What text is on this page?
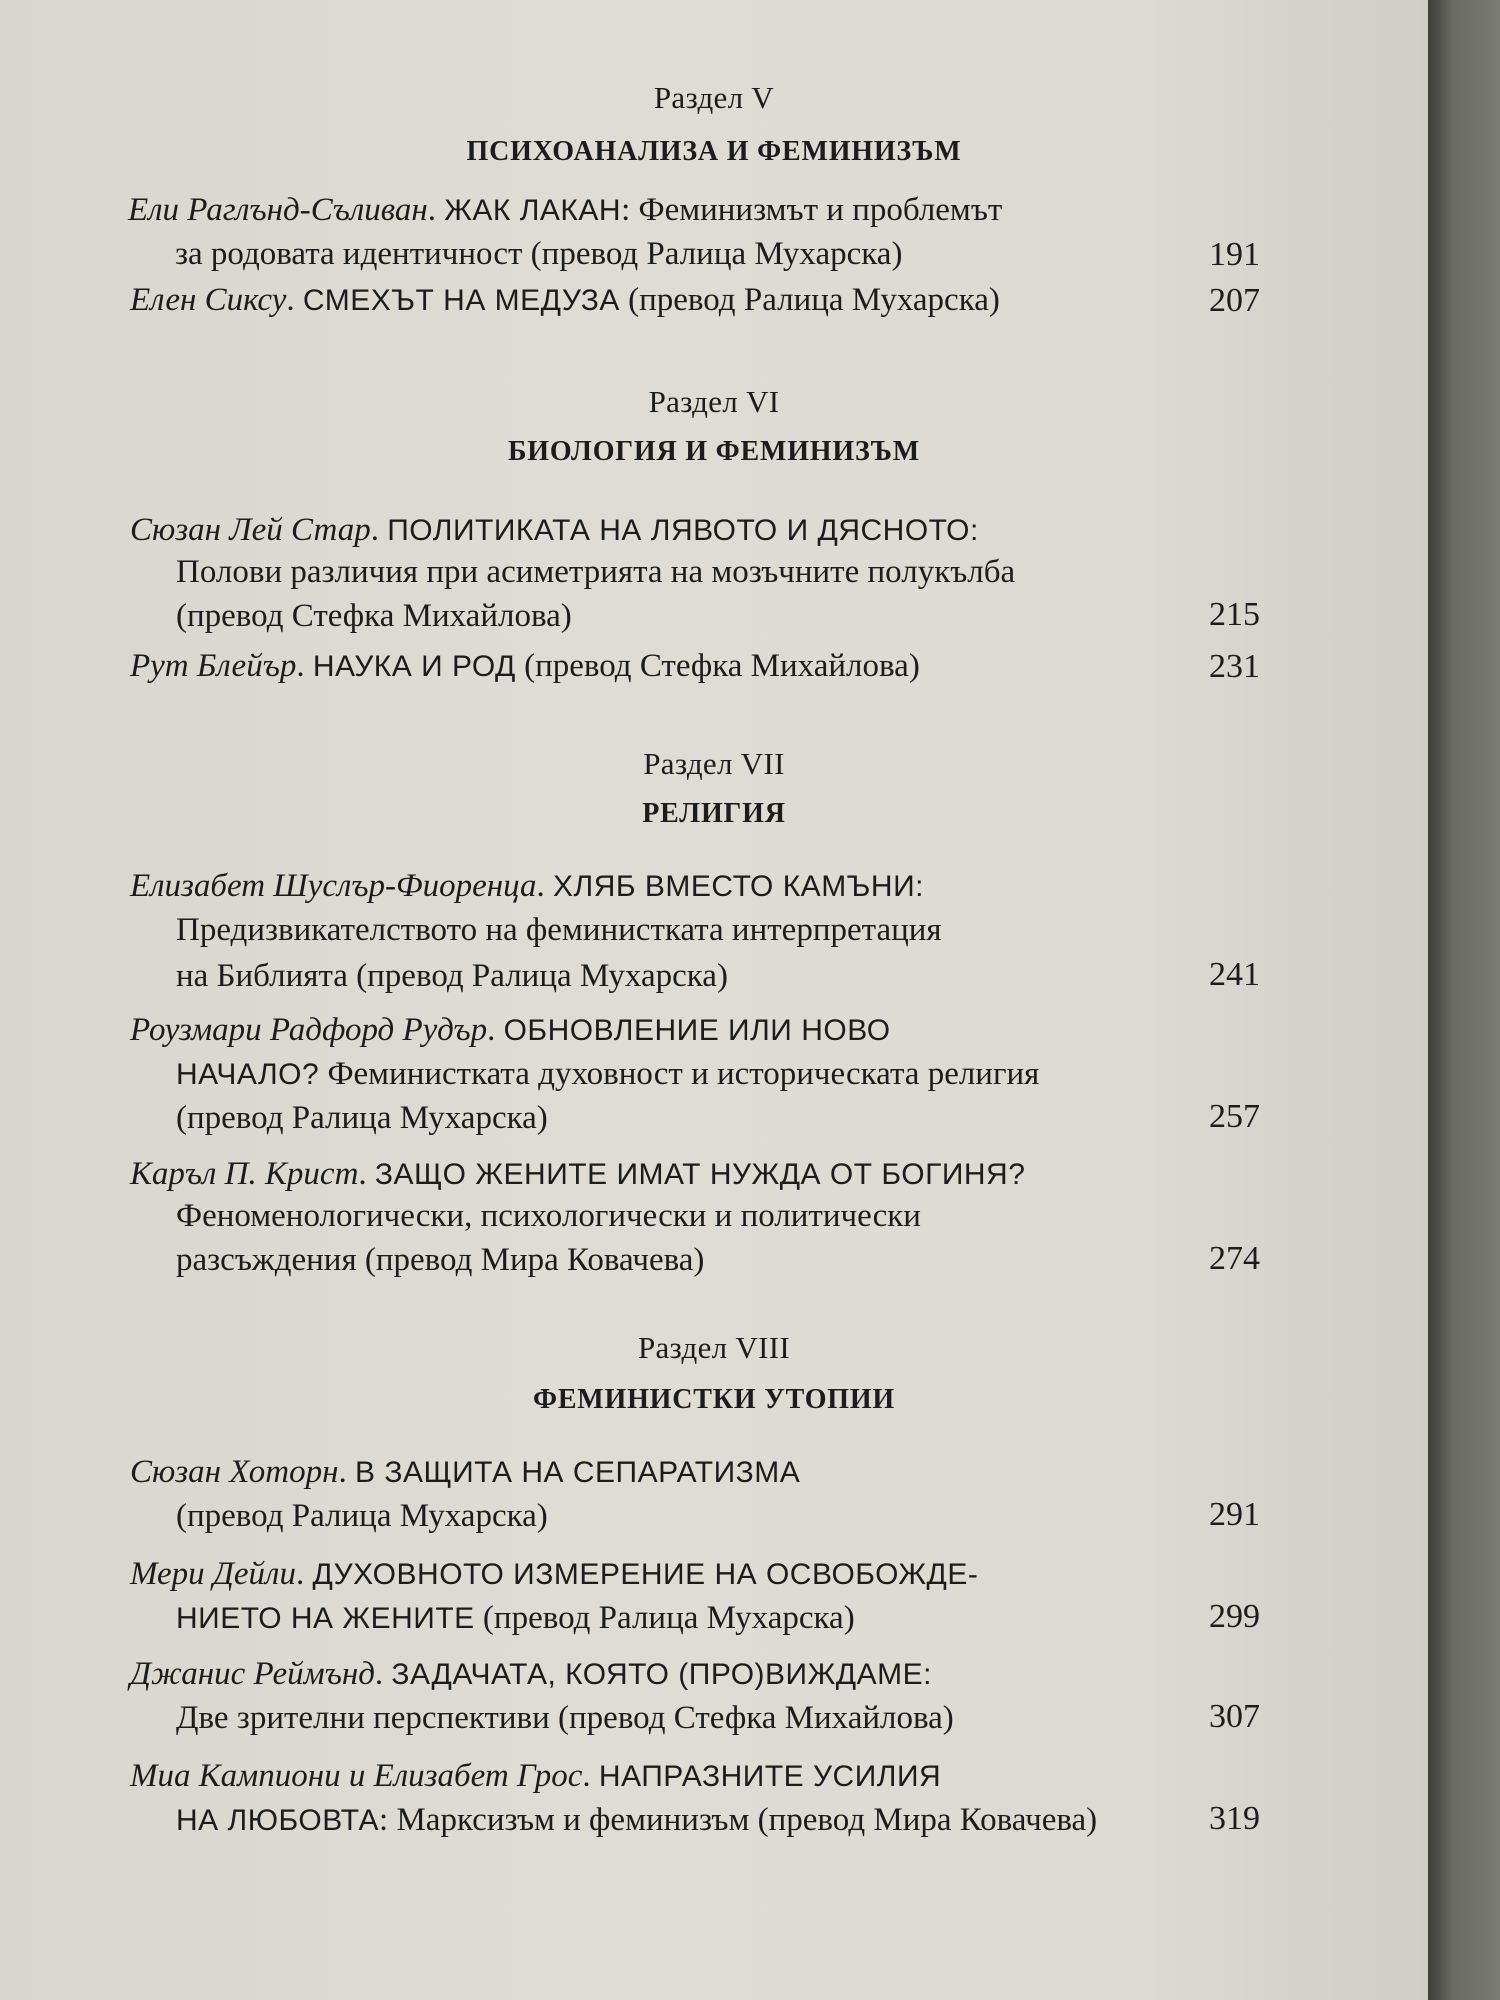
Раздел V
ПСИХОАНАЛИЗА И ФЕМИНИЗЪМ
Ели Раглънд-Съливан. ЖАК ЛАКАН: Феминизмът и проблемът
за родовата идентичност (превод Ралица Мухарска)	191
Елен Сиксу. СМЕХЪТ НА МЕДУЗА (превод Ралица Мухарска)	207
Раздел VI
БИОЛОГИЯ И ФЕМИНИЗЪМ
Сюзан Лей Стар. ПОЛИТИКАТА НА ЛЯВОТО И ДЯСНОТО:
Полови различия при асиметрията на мозъчните полукълба
(превод Стефка Михайлова)	215
Рут Блейър. НАУКА И РОД (превод Стефка Михайлова)	231
Раздел VII
РЕЛИГИЯ
Елизабет Шуслър-Фиоренца. ХЛЯБ ВМЕСТО КАМЪНИ:
Предизвикателството на феминистката интерпретация
на Библията (превод Ралица Мухарска)	241
Роузмари Радфорд Рудър. ОБНОВЛЕНИЕ ИЛИ НОВО
НАЧАЛО? Феминистката духовност и историческата религия
(превод Ралица Мухарска)	257
Каръл П. Крист. ЗАЩО ЖЕНИТЕ ИМАТ НУЖДА ОТ БОГИНЯ?
Феноменологически, психологически и политически
разсъждения (превод Мира Ковачева)	274
Раздел VIII
ФЕМИНИСТКИ УТОПИИ
Сюзан Хоторн. В ЗАЩИТА НА СЕПАРАТИЗМА
(превод Ралица Мухарска)	291
Мери Дейли. ДУХОВНОТО ИЗМЕРЕНИЕ НА ОСВОБОЖДЕ-
НИЕТО НА ЖЕНИТЕ (превод Ралица Мухарска)	299
Джанис Реймънд. ЗАДАЧАТА, КОЯТО (ПРО)ВИЖДАМЕ:
Две зрителни перспективи (превод Стефка Михайлова)	307
Миа Кампиони и Елизабет Грос. НАПРАЗНИТЕ УСИЛИЯ
НА ЛЮБОВТА: Марксизъм и феминизъм (превод Мира Ковачева)	319
